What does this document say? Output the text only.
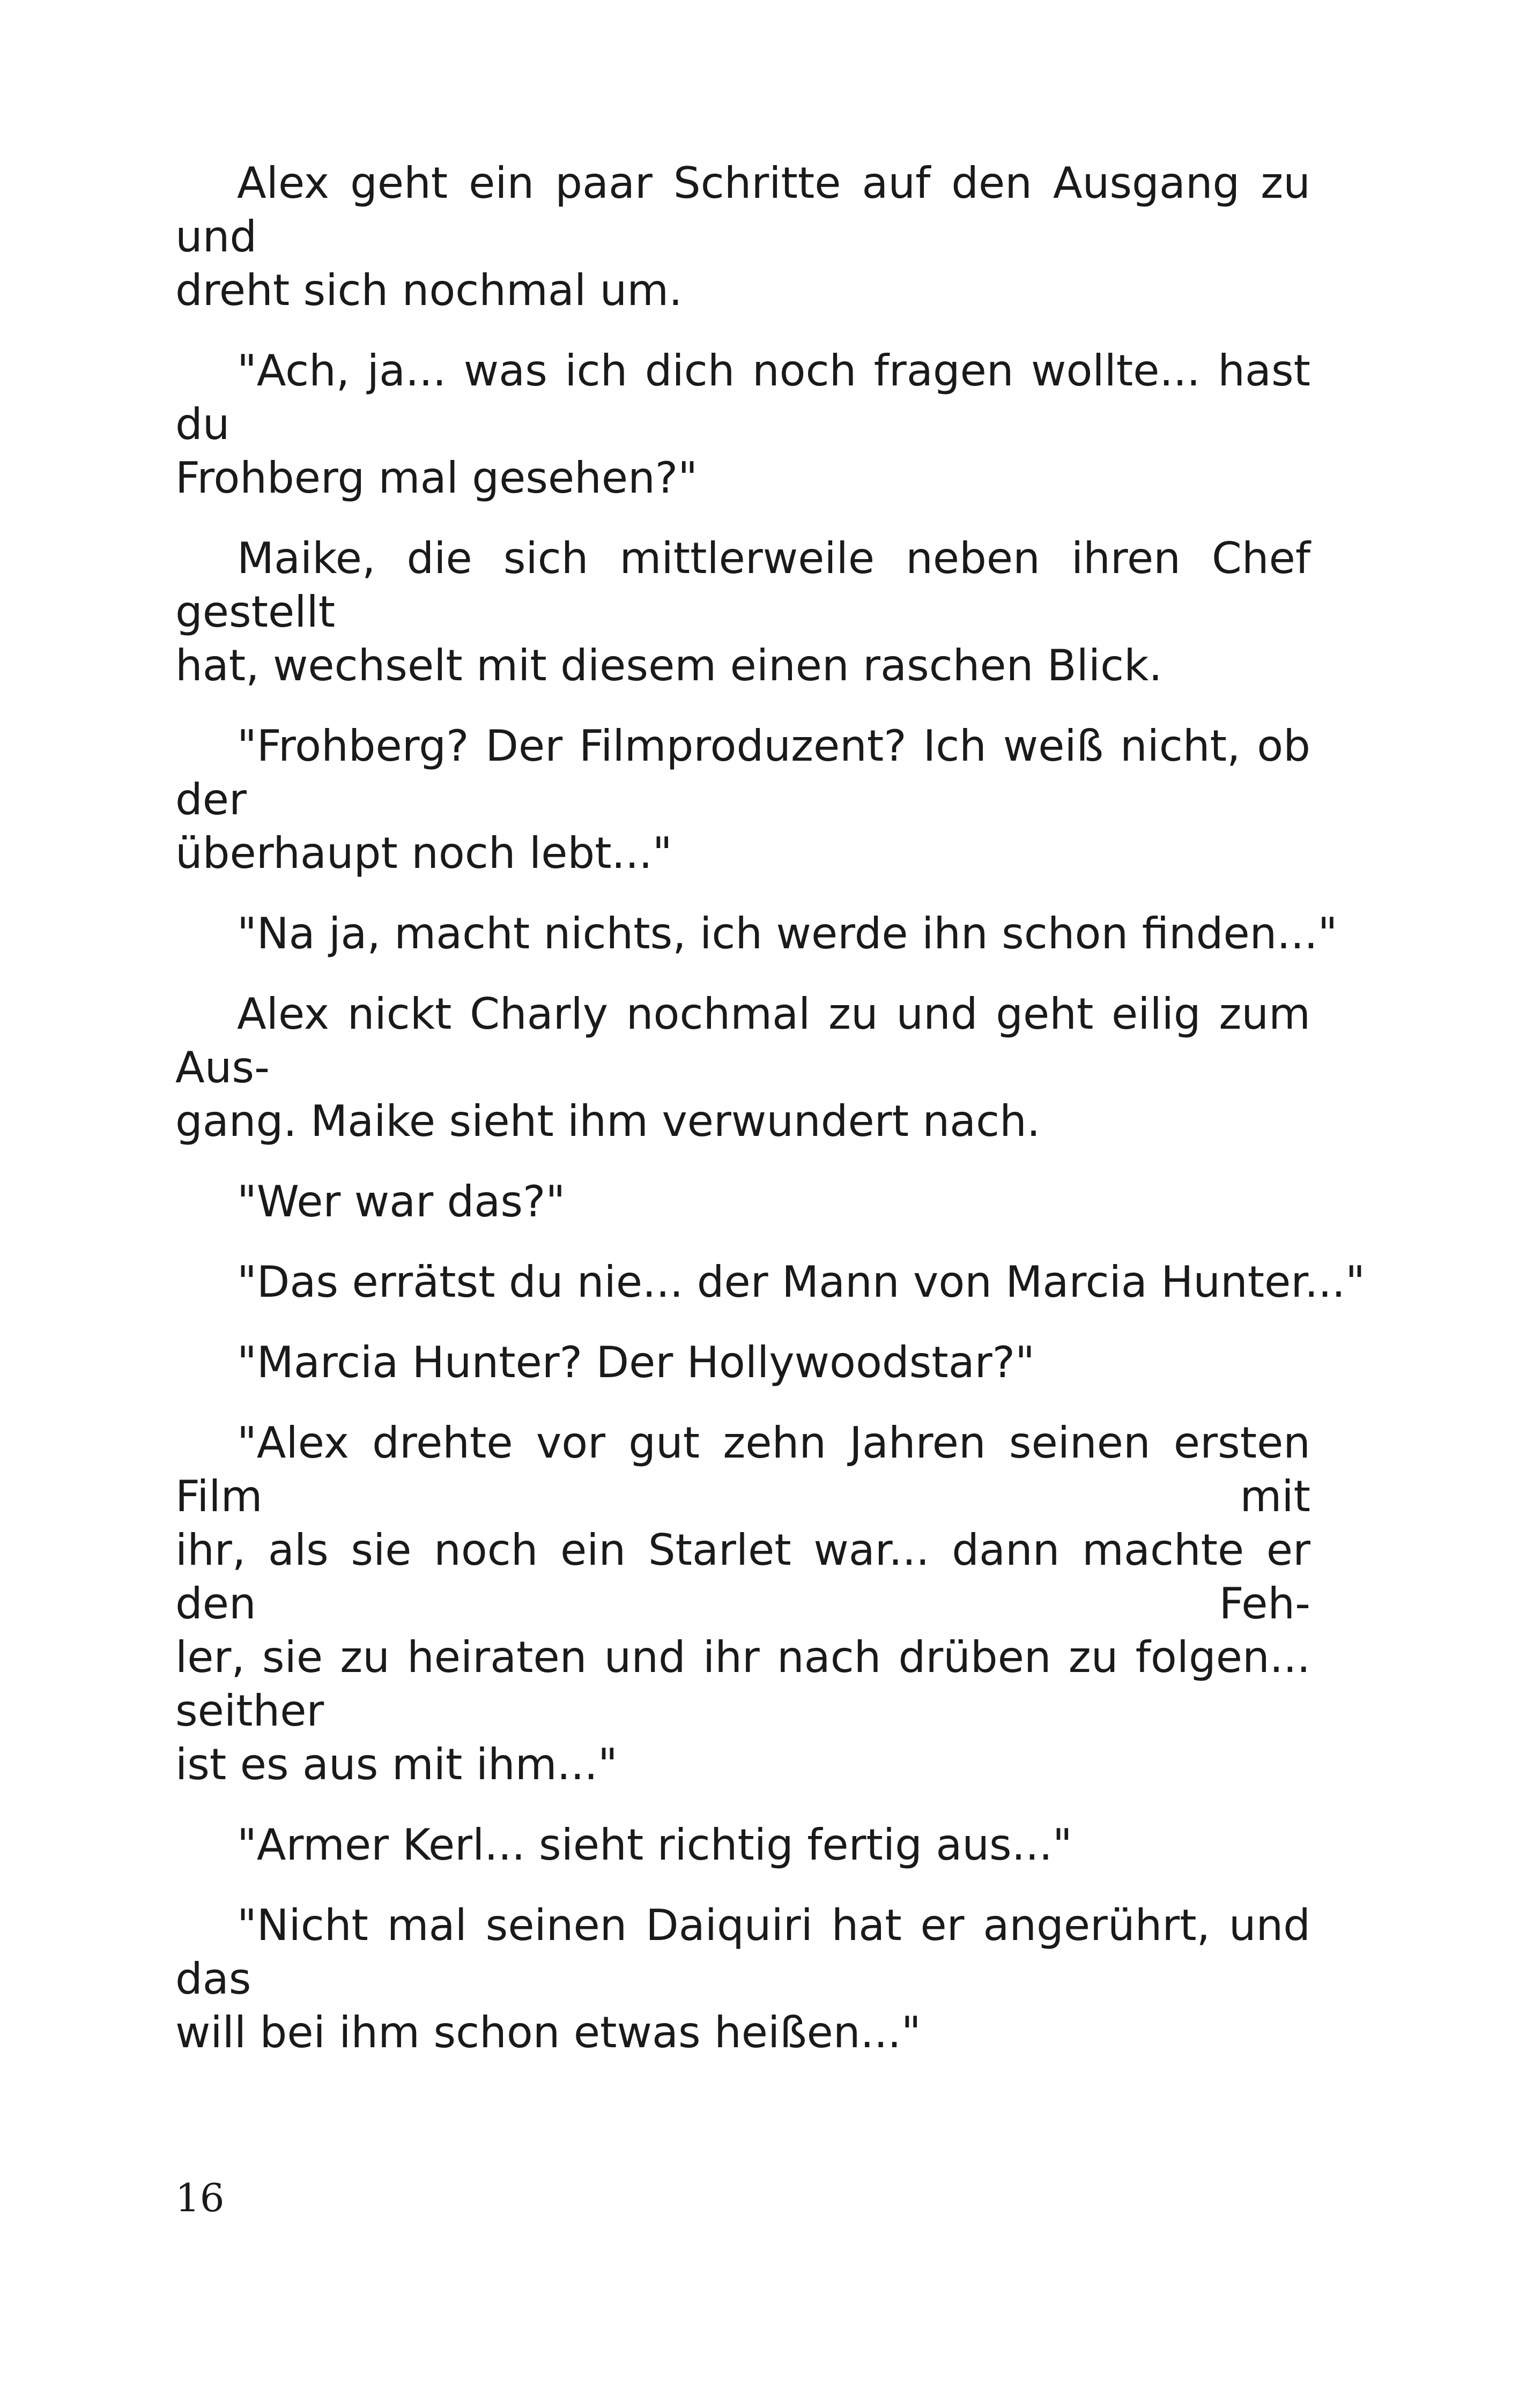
Alex geht ein paar Schritte auf den Ausgang zu und
dreht sich nochmal um.

"Ach, ja... was ich dich noch fragen wollte... hast du
Frohberg mal gesehen?"

Maike, die sich mittlerweile neben ihren Chef gestellt
hat, wechselt mit diesem einen raschen Blick.

"Frohberg? Der Filmproduzent? Ich weiß nicht, ob der
überhaupt noch lebt..."

"Na ja, macht nichts, ich werde ihn schon finden..."

Alex nickt Charly nochmal zu und geht eilig zum Aus-
gang. Maike sieht ihm verwundert nach.

"Wer war das?"

"Das errätst du nie... der Mann von Marcia Hunter..."

"Marcia Hunter? Der Hollywoodstar?"

"Alex drehte vor gut zehn Jahren seinen ersten Film mit
ihr, als sie noch ein Starlet war... dann machte er den Feh-
ler, sie zu heiraten und ihr nach drüben zu folgen... seither
ist es aus mit ihm..."

"Armer Kerl... sieht richtig fertig aus..."

"Nicht mal seinen Daiquiri hat er angerührt, und das
will bei ihm schon etwas heißen..."

16
